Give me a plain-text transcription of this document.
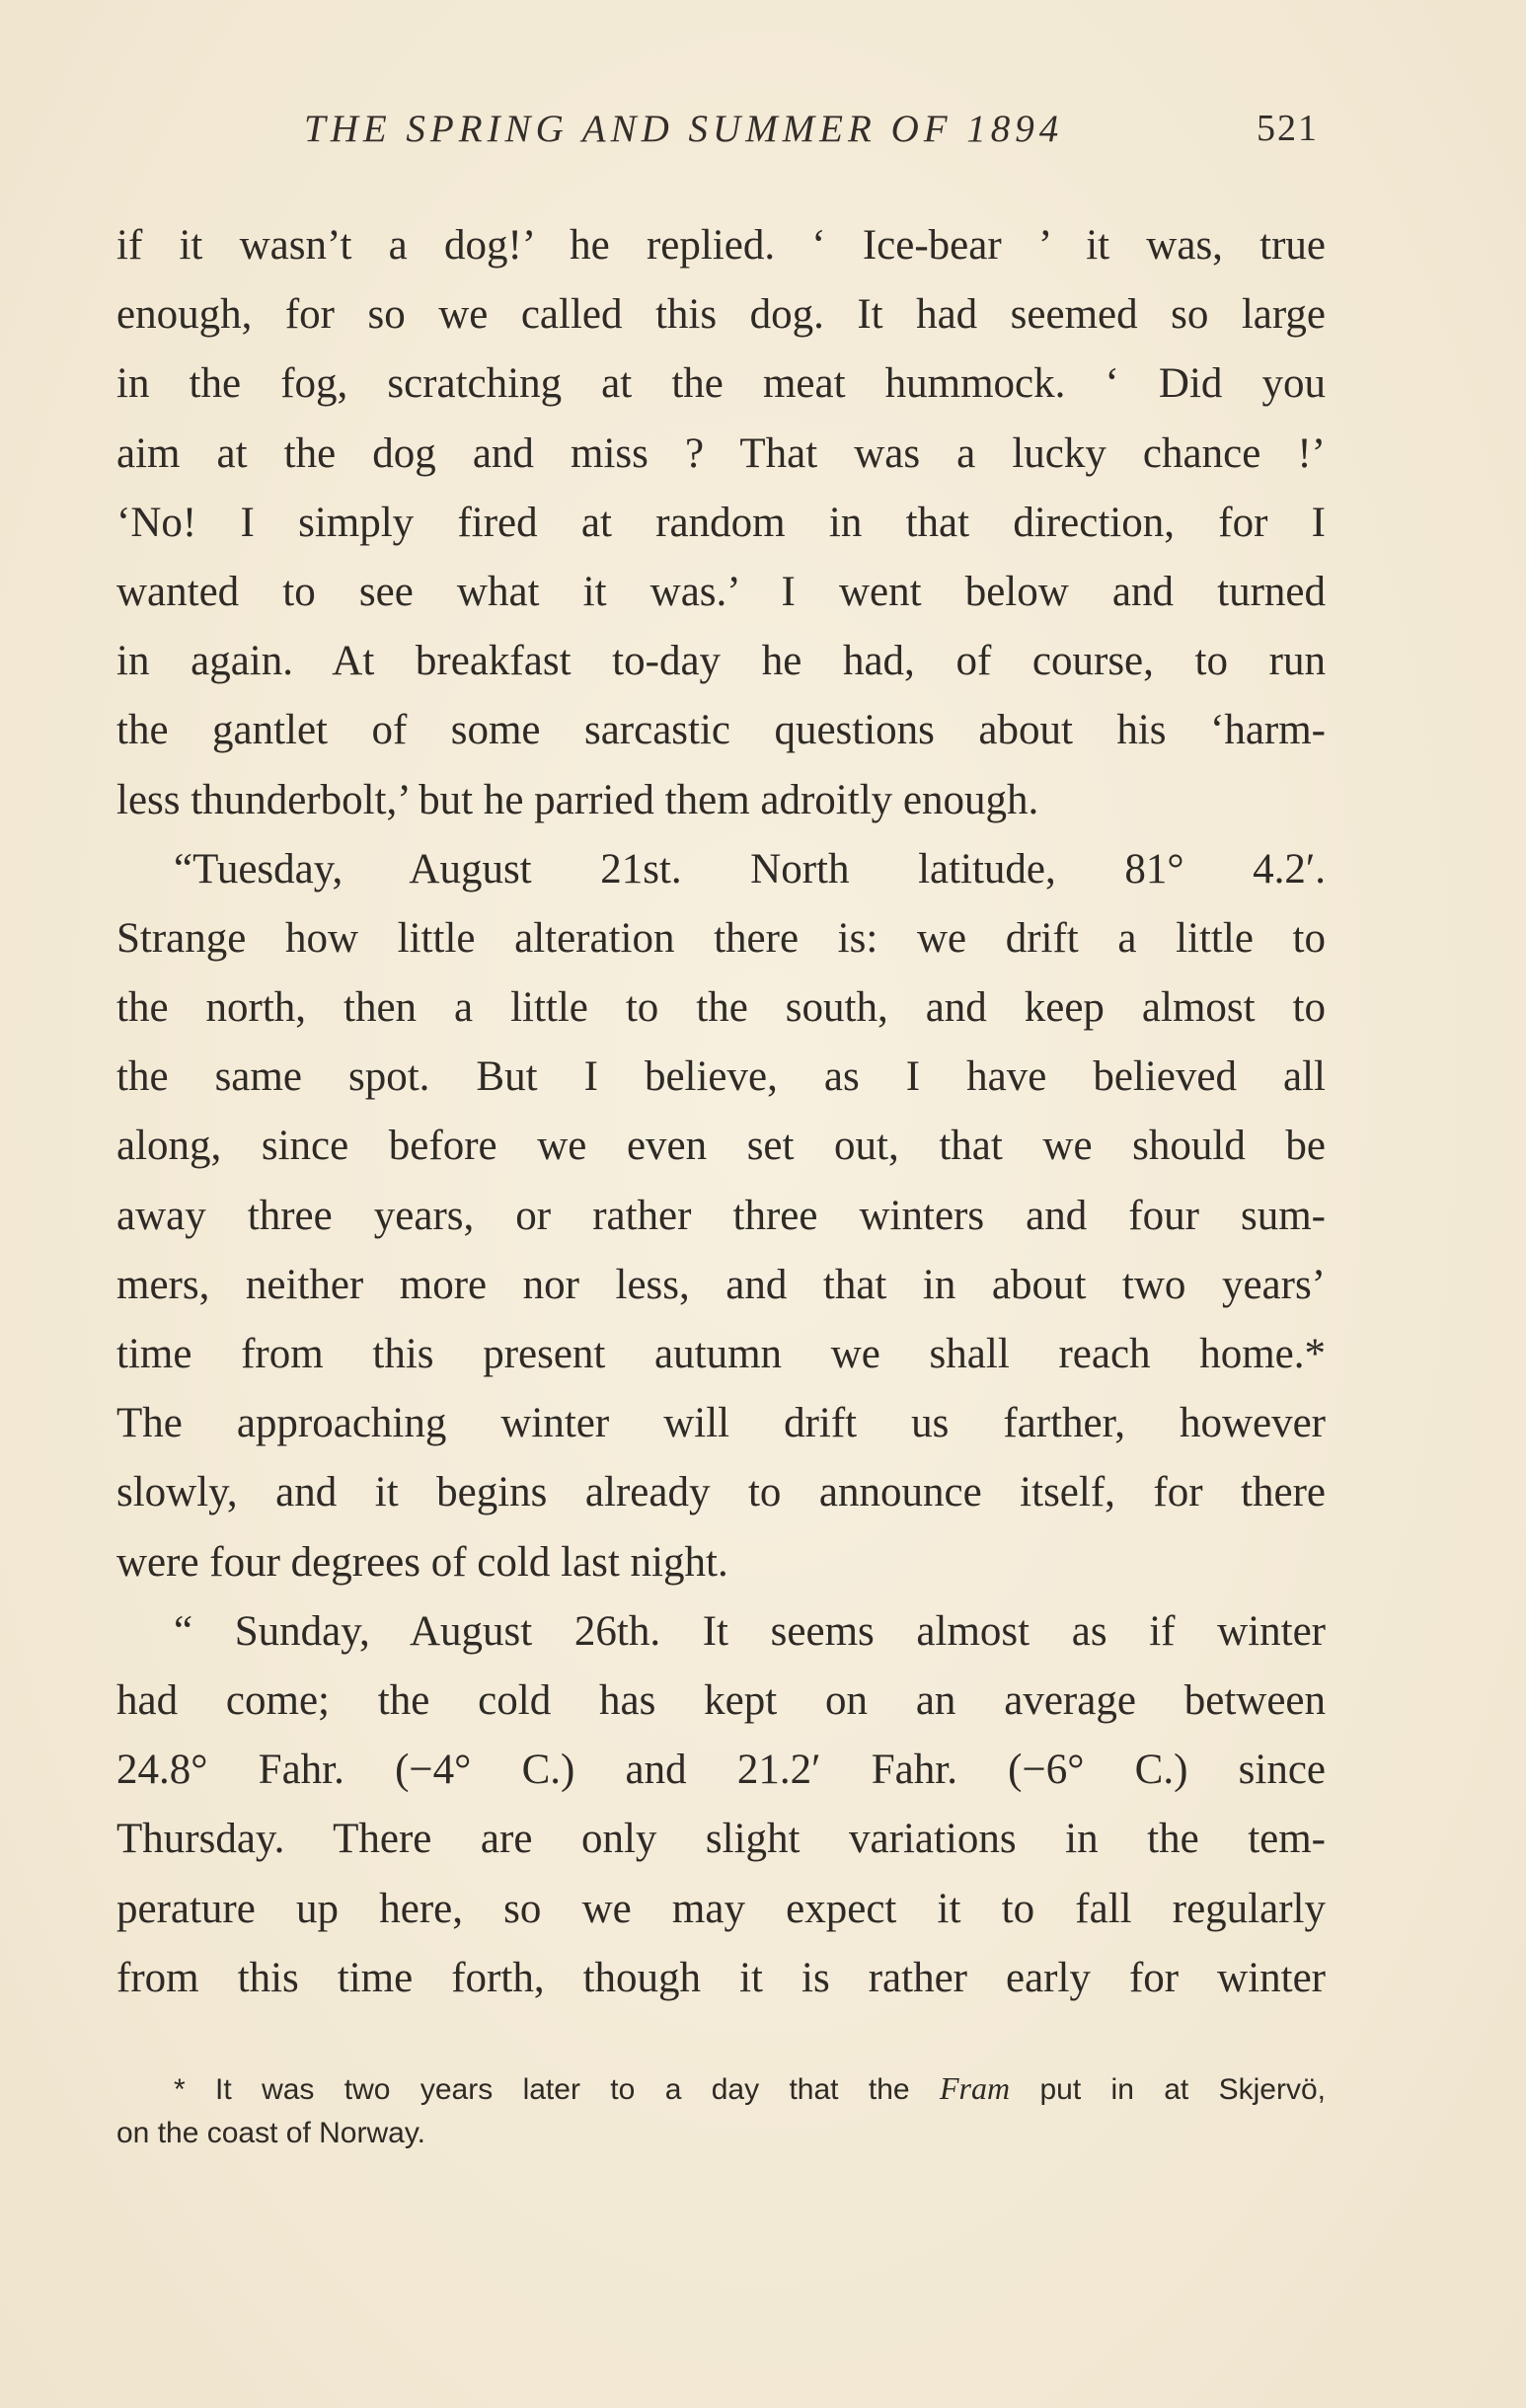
THE SPRING AND SUMMER OF 1894	521
if it wasn’t a dog!’ he replied. ‘ Ice-bear ’ it was, true
enough, for so we called this dog. It had seemed so large
in the fog, scratching at the meat hummock. ‘ Did you
aim at the dog and miss ? That was a lucky chance !’
‘No! I simply fired at random in that direction, for I
wanted to see what it was.’ I went below and turned
in again. At breakfast to-day he had, of course, to run
the gantlet of some sarcastic questions about his ‘harm-
less thunderbolt,’ but he parried them adroitly enough.
“Tuesday, August 21st. North latitude, 81° 4.2′.
Strange how little alteration there is: we drift a little to
the north, then a little to the south, and keep almost to
the same spot. But I believe, as I have believed all
along, since before we even set out, that we should be
away three years, or rather three winters and four sum-
mers, neither more nor less, and that in about two years’
time from this present autumn we shall reach home.*
The approaching winter will drift us farther, however
slowly, and it begins already to announce itself, for there
were four degrees of cold last night.
“ Sunday, August 26th. It seems almost as if winter
had come; the cold has kept on an average between
24.8° Fahr. (−4° C.) and 21.2′ Fahr. (−6° C.) since
Thursday. There are only slight variations in the tem-
perature up here, so we may expect it to fall regularly
from this time forth, though it is rather early for winter
* It was two years later to a day that the Fram put in at Skjervö,
on the coast of Norway.
